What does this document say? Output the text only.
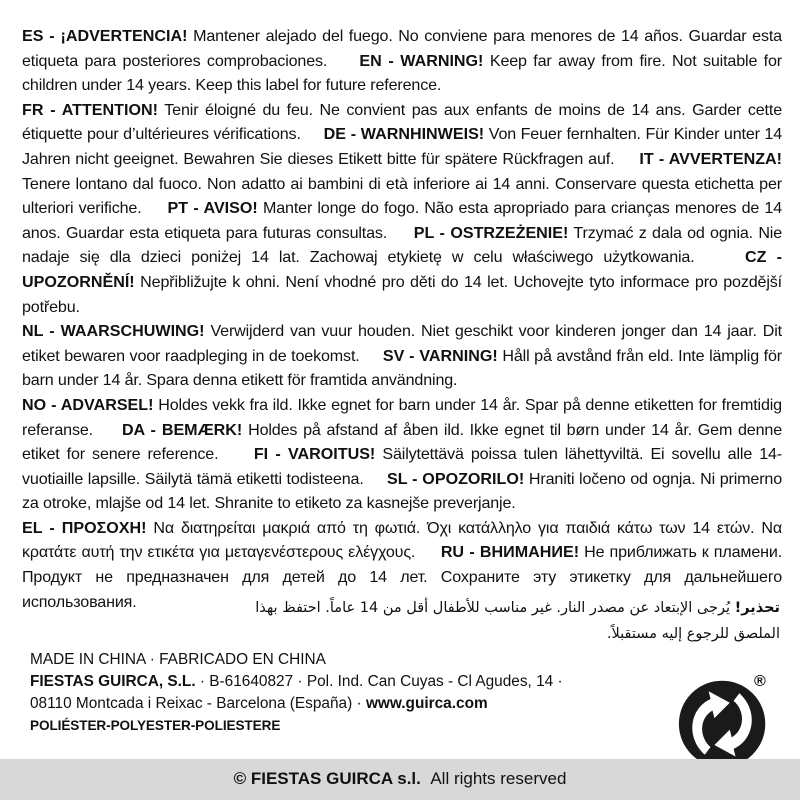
ES - ¡ADVERTENCIA! Mantener alejado del fuego. No conviene para menores de 14 años. Guardar esta etiqueta para posteriores comprobaciones. EN - WARNING! Keep far away from fire. Not suitable for children under 14 years. Keep this label for future reference.
FR - ATTENTION! Tenir éloigné du feu. Ne convient pas aux enfants de moins de 14 ans. Garder cette étiquette pour d’ultérieures vérifications. DE - WARNHINWEIS! Von Feuer fernhalten. Für Kinder unter 14 Jahren nicht geeignet. Bewahren Sie dieses Etikett bitte für spätere Rückfragen auf. IT - AVVERTENZA! Tenere lontano dal fuoco. Non adatto ai bambini di età inferiore ai 14 anni. Conservare questa etichetta per ulteriori verifiche. PT - AVISO! Manter longe do fogo. Não esta apropriado para crianças menores de 14 anos. Guardar esta etiqueta para futuras consultas. PL - OSTRZEŻENIE! Trzymać z dala od ognia. Nie nadaje się dla dzieci poniżej 14 lat. Zachowaj etykietę w celu właściwego użytkowania.	CZ - UPOZORNĚNÍ! Nepřibližujte k ohni. Není vhodné pro děti do 14 let. Uchovejte tyto informace pro pozdější potřebu.
NL - WAARSCHUWING! Verwijderd van vuur houden. Niet geschikt voor kinderen jonger dan 14 jaar. Dit etiket bewaren voor raadpleging in de toekomst. SV - VARNING! Håll på avstånd från eld. Inte lämplig för barn under 14 år. Spara denna etikett för framtida användning.
NO - ADVARSEL! Holdes vekk fra ild. Ikke egnet for barn under 14 år. Spar på denne etiketten for fremtidig referanse. DA - BEMÆRK! Holdes på afstand af åben ild. Ikke egnet til børn under 14 år. Gem denne etiket for senere reference. FI - VAROITUS! Säilytettävä poissa tulen lähettyviltä. Ei sovellu alle 14-vuotiaille lapsille. Säilytä tämä etiketti todisteena. SL - OPOZORILO! Hraniti ločeno od ognja. Ni primerno za otroke, mlajše od 14 let. Shranite to etiketo za kasnejše preverjanje.
EL - ΠΡΟΣΟΧΗ! Να διατηρείται μακριά από τη φωτιά. Όχι κατάλληλο για παιδιά κάτω των 14 ετών. Να κρατάτε αυτή την ετικέτα για μεταγενέστερους ελέγχους. RU - ВНИМАНИЕ! Не приближать к пламени. Продукт не предназначен для детей до 14 лет. Сохраните эту этикетку для дальнейшего использования.	تحذير! يُرجى الإبتعاد عن مصدر النار. غير مناسب للأطفال أقل من 14 عاماً. احتفظ بهذا الملصق للرجوع إليه مستقبلاً.
MADE IN CHINA · FABRICADO EN CHINA
FIESTAS GUIRCA, S.L. · B-61640827 · Pol. Ind. Can Cuyas - Cl Agudes, 14 ·
08110 Montcada i Reixac - Barcelona (España) · www.guirca.com
POLIÉSTER-POLYESTER-POLIESTERE
®
© FIESTAS GUIRCA s.l. All rights reserved
